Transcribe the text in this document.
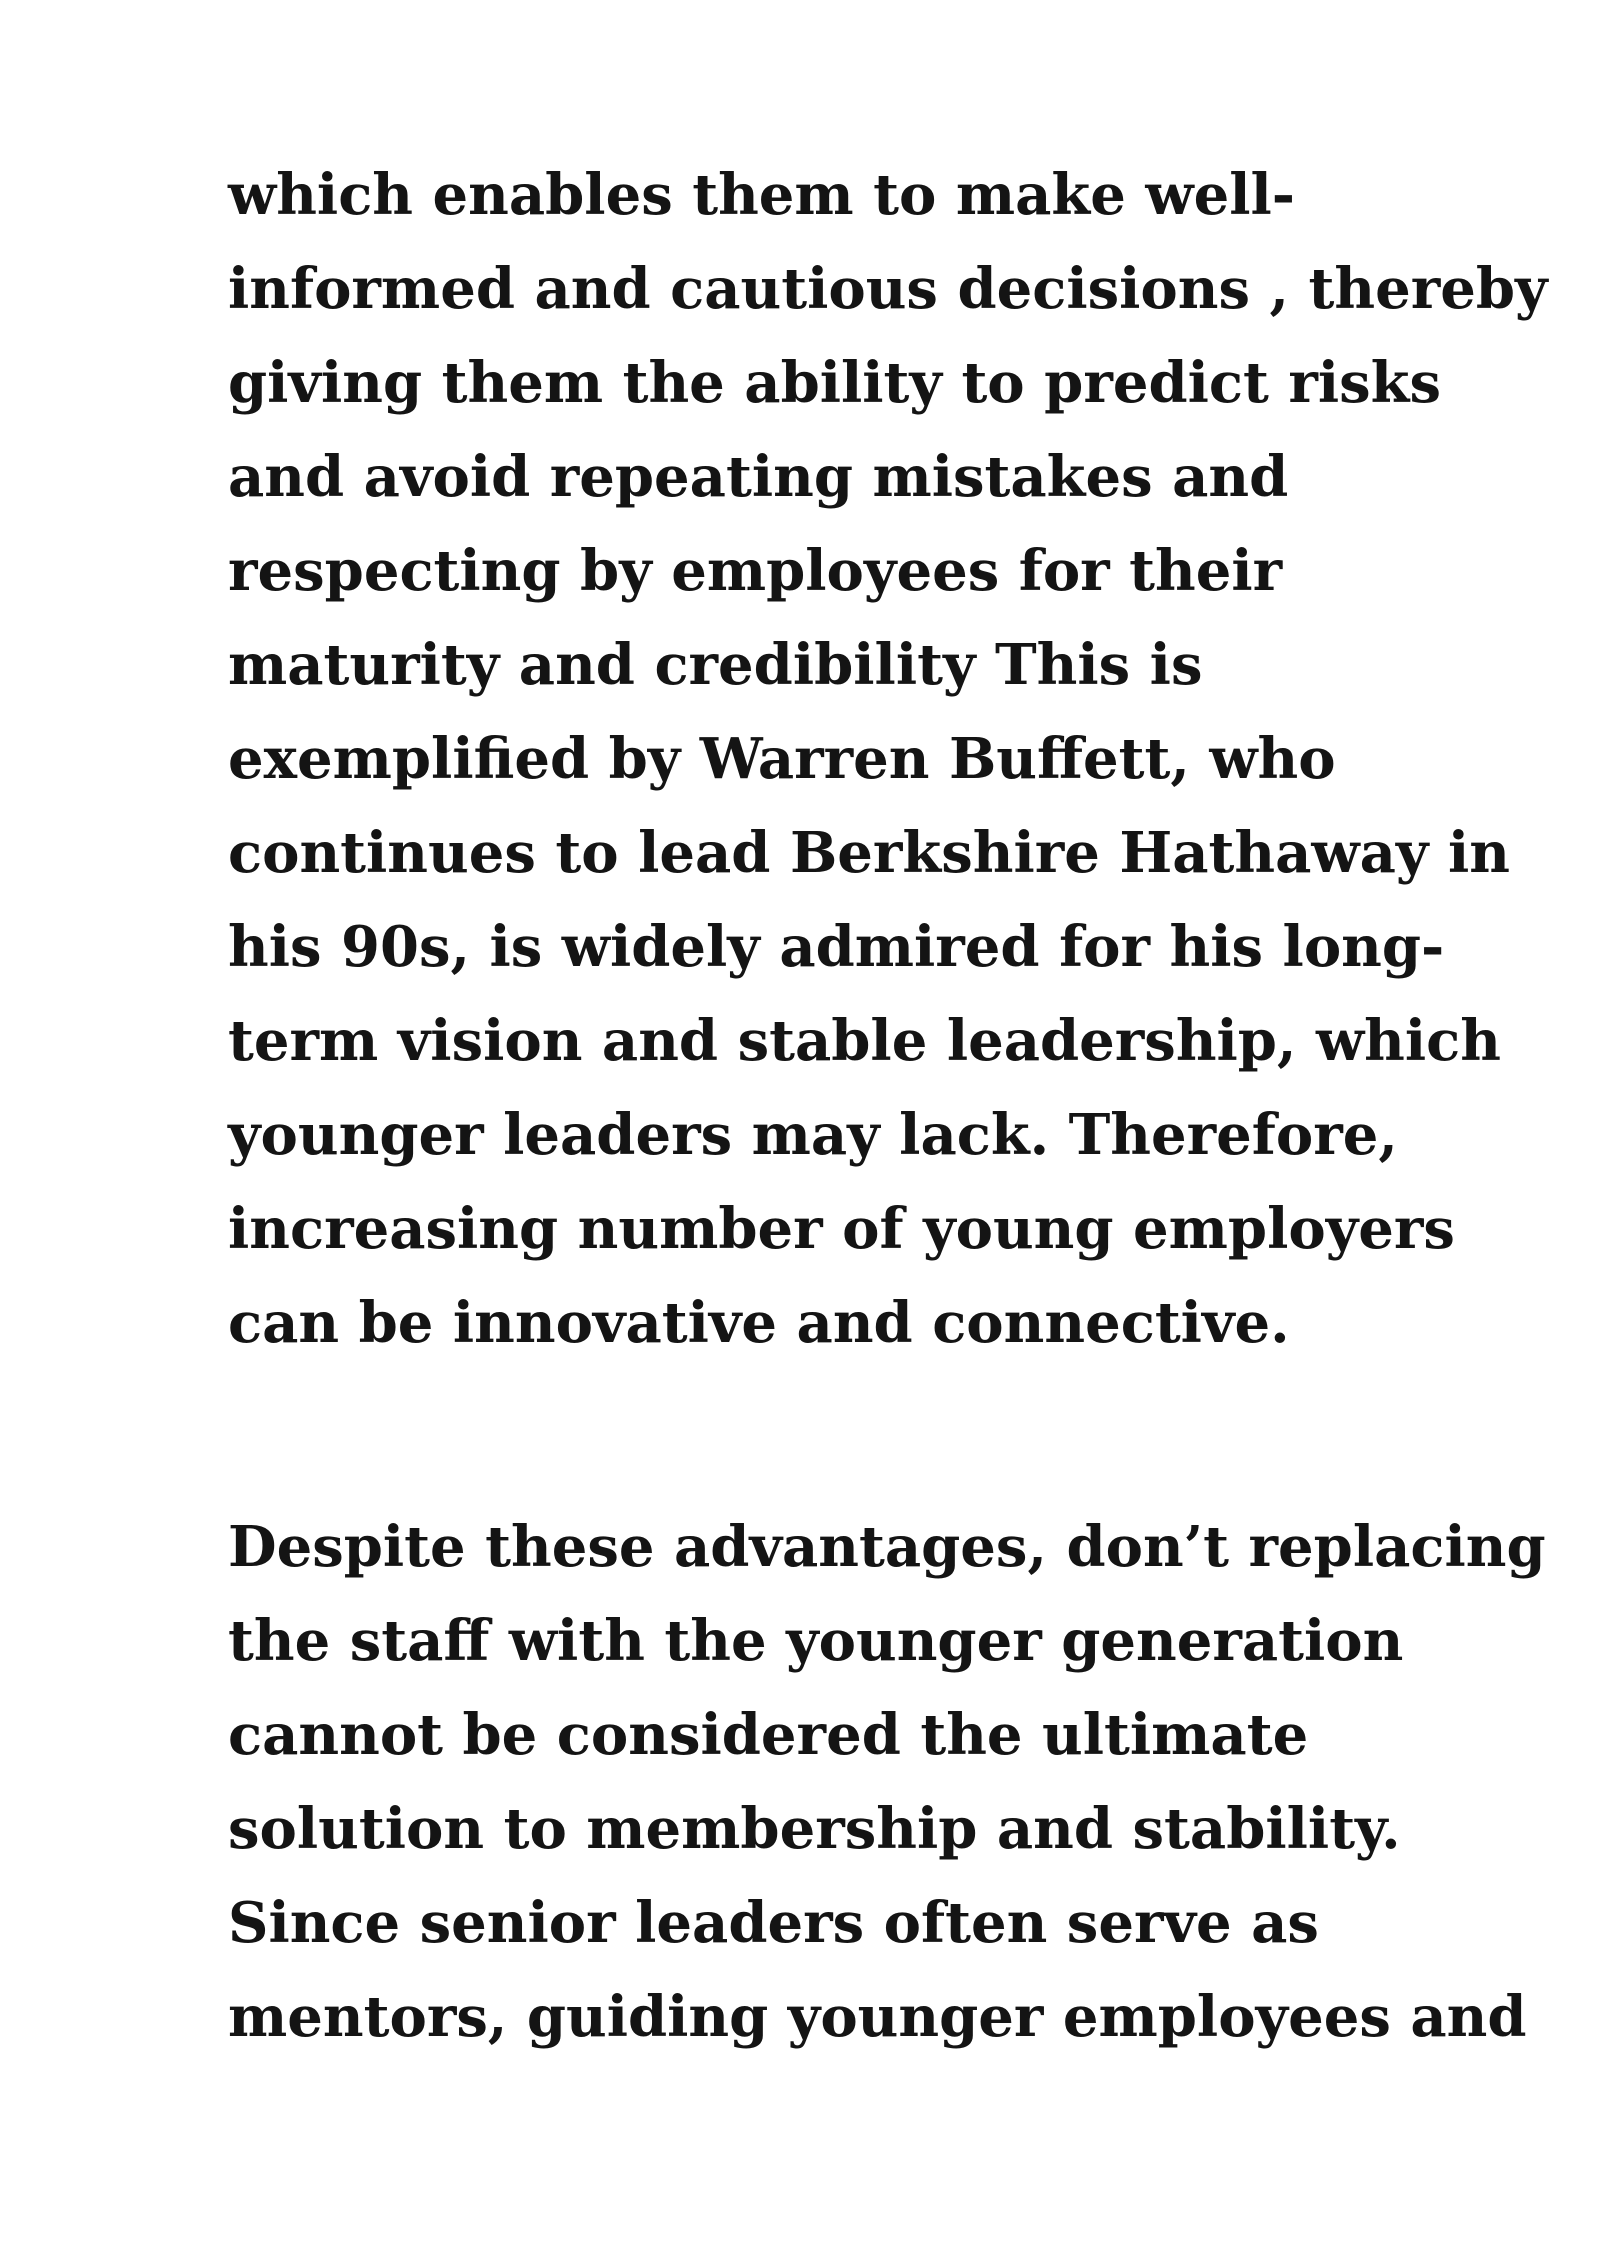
which enables them to make well-
informed and cautious decisions , thereby
giving them the ability to predict risks
and avoid repeating mistakes and
respecting by employees for their
maturity and credibility This is
exemplified by Warren Buffett, who
continues to lead Berkshire Hathaway in
his 90s, is widely admired for his long-
term vision and stable leadership, which
younger leaders may lack. Therefore,
increasing number of young employers
can be innovative and connective.
Despite these advantages, don’t replacing
the staff with the younger generation
cannot be considered the ultimate
solution to membership and stability.
Since senior leaders often serve as
mentors, guiding younger employees and
